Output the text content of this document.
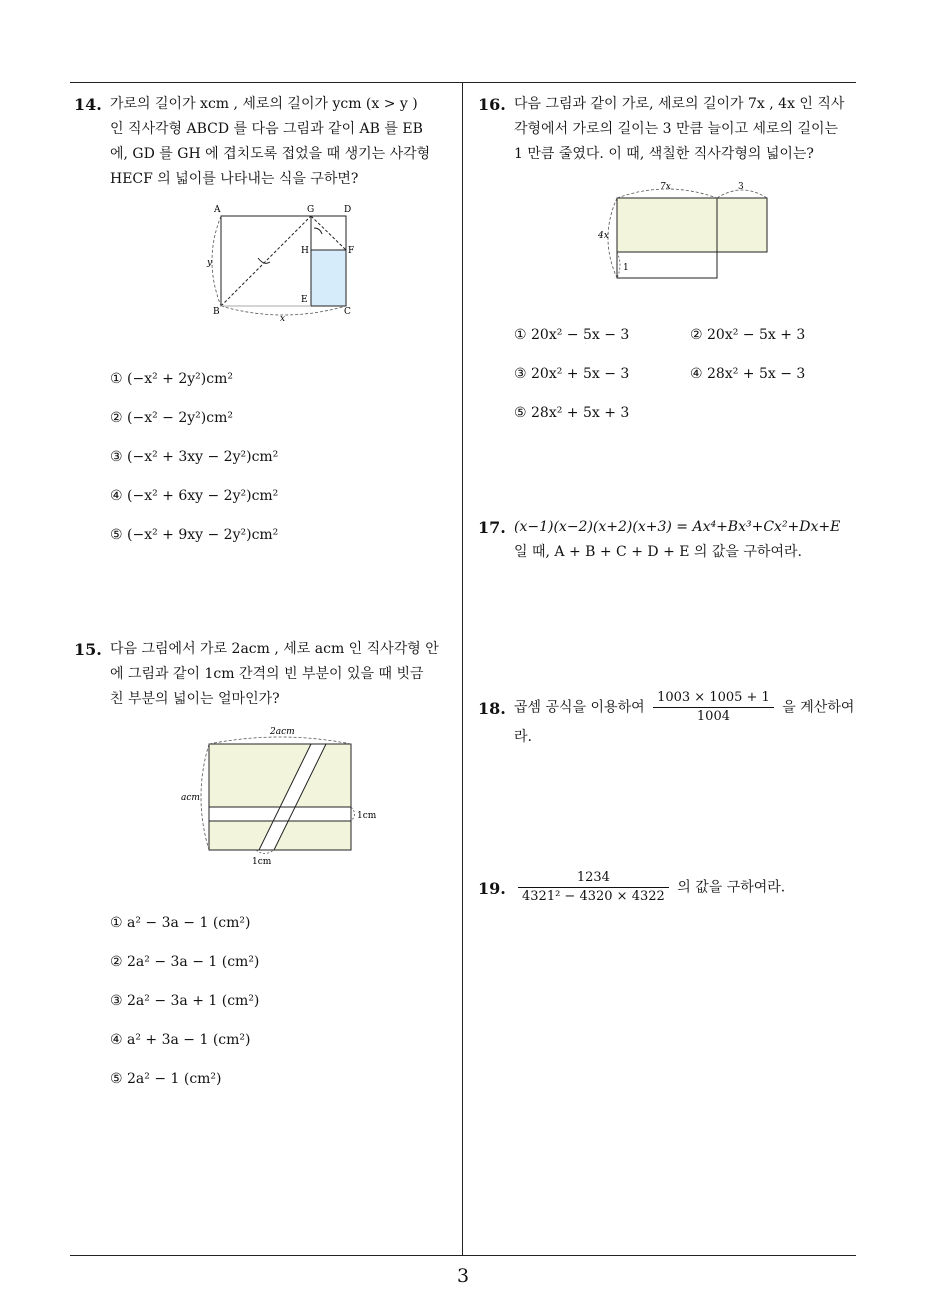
14. 가로의 길이가 xcm , 세로의 길이가 ycm (x > y )
인 직사각형 ABCD 를 다음 그림과 같이 AB 를 EB
에, GD 를 GH 에 겹치도록 접었을 때 생기는 사각형
HECF 의 넓이를 나타내는 식을 구하면?
A	G	D
H	F
E
B	C
y
x
① (−x² + 2y²)cm²
② (−x² − 2y²)cm²
③ (−x² + 3xy − 2y²)cm²
④ (−x² + 6xy − 2y²)cm²
⑤ (−x² + 9xy − 2y²)cm²
15. 다음 그림에서 가로 2acm , 세로 acm 인 직사각형 안
에 그림과 같이 1cm 간격의 빈 부분이 있을 때 빗금
친 부분의 넓이는 얼마인가?
2acm
acm
1cm
1cm
① a² − 3a − 1 (cm²)
② 2a² − 3a − 1 (cm²)
③ 2a² − 3a + 1 (cm²)
④ a² + 3a − 1 (cm²)
⑤ 2a² − 1 (cm²)
16. 다음 그림과 같이 가로, 세로의 길이가 7x , 4x 인 직사
각형에서 가로의 길이는 3 만큼 늘이고 세로의 길이는
1 만큼 줄였다. 이 때, 색칠한 직사각형의 넓이는?
7x	3
4x
1
① 20x² − 5x − 3	② 20x² − 5x + 3
③ 20x² + 5x − 3	④ 28x² + 5x − 3
⑤ 28x² + 5x + 3
17. (x−1)(x−2)(x+2)(x+3) = Ax⁴+Bx³+Cx²+Dx+E
일 때, A + B + C + D + E 의 값을 구하여라.
18. 곱셈 공식을 이용하여 $\frac{1003 \times 1005 + 1}{1004}$ 을 계산하여
라.
19. $\frac{1234}{\text{4321² − 4320 × 4322}}$ 의 값을 구하여라.
3
